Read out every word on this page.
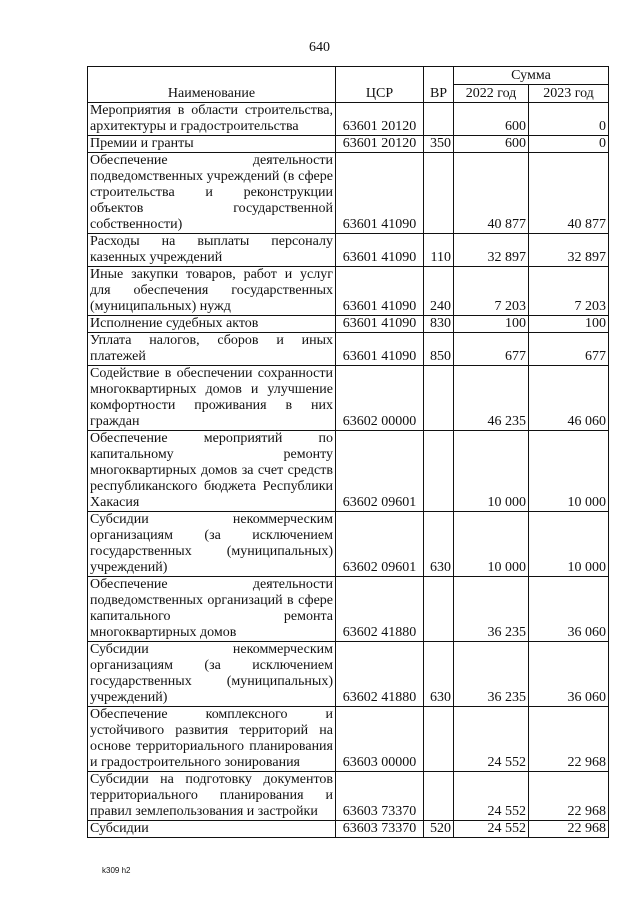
640
Наименование	ЦСР	ВР	Сумма	
			2022 год	2023 год
Мероприятия в области строительства, архитектуры и градостроительства	63601 20120		600	0
Премии и гранты	63601 20120	350	600	0
Обеспечение деятельности подведомственных учреждений (в сфере строительства и реконструкции объектов государственной собственности)	63601 41090		40 877	40 877
Расходы на выплаты персоналу казенных учреждений	63601 41090	110	32 897	32 897
Иные закупки товаров, работ и услуг для обеспечения государственных (муниципальных) нужд	63601 41090	240	7 203	7 203
Исполнение судебных актов	63601 41090	830	100	100
Уплата налогов, сборов и иных платежей	63601 41090	850	677	677
Содействие в обеспечении сохранности многоквартирных домов и улучшение комфортности проживания в них граждан	63602 00000		46 235	46 060
Обеспечение мероприятий по капитальному ремонту многоквартирных домов за счет средств республиканского бюджета Республики Хакасия	63602 09601		10 000	10 000
Субсидии некоммерческим организациям (за исключением государственных (муниципальных) учреждений)	63602 09601	630	10 000	10 000
Обеспечение деятельности подведомственных организаций в сфере капитального ремонта многоквартирных домов	63602 41880		36 235	36 060
Субсидии некоммерческим организациям (за исключением государственных (муниципальных) учреждений)	63602 41880	630	36 235	36 060
Обеспечение комплексного и устойчивого развития территорий на основе территориального планирования и градостроительного зонирования	63603 00000		24 552	22 968
Субсидии на подготовку документов территориального планирования и правил землепользования и застройки	63603 73370		24 552	22 968
Субсидии	63603 73370	520	24 552	22 968
k309 h2
